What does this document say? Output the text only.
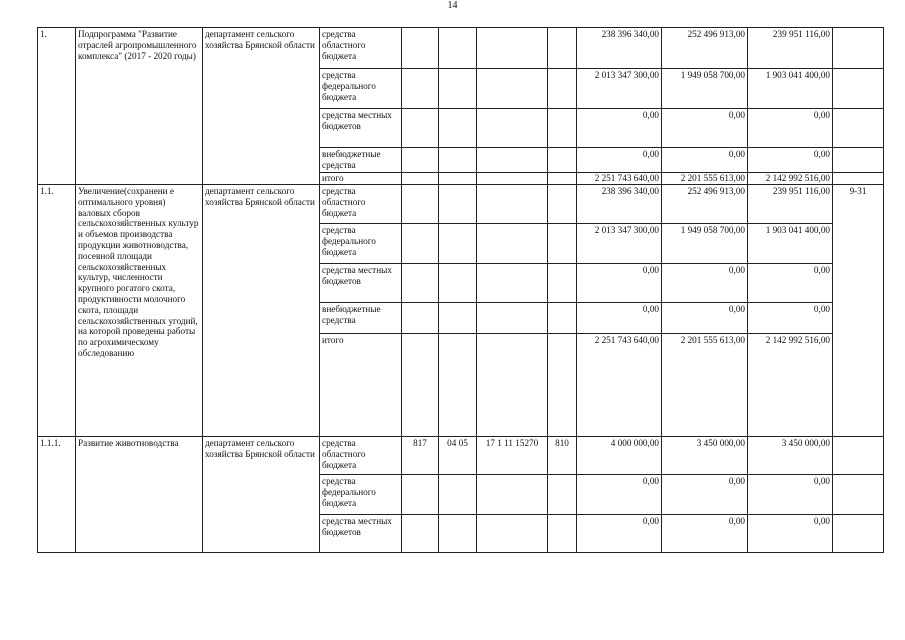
14
1.	Подпрограмма "Развитие отраслей агропромышленного комплекса" (2017 - 2020 годы)	департамент сельского хозяйства Брянской области	средства областного бюджета					238 396 340,00	252 496 913,00	239 951 116,00	
			средства федерального бюджета					2 013 347 300,00	1 949 058 700,00	1 903 041 400,00	
			средства местных бюджетов					0,00	0,00	0,00	
			внебюджетные средства					0,00	0,00	0,00	
			итого					2 251 743 640,00	2 201 555 613,00	2 142 992 516,00	
1.1.	Увеличение(сохранени е оптимального уровня) валовых сборов сельскохозяйственных культур и объемов производства продукции животноводства, посевной площади сельскохозяйственных культур, численности крупного рогатого скота, продуктивности молочного скота, площади сельскохозяйственных угодий, на которой проведены работы по агрохимическому обследованию	департамент сельского хозяйства Брянской области	средства областного бюджета					238 396 340,00	252 496 913,00	239 951 116,00	9-31
			средства федерального бюджета					2 013 347 300,00	1 949 058 700,00	1 903 041 400,00	
			средства местных бюджетов					0,00	0,00	0,00	
			внебюджетные средства					0,00	0,00	0,00	
			итого					2 251 743 640,00	2 201 555 613,00	2 142 992 516,00	
1.1.1.	Развитие животноводства	департамент сельского хозяйства Брянской области	средства областного бюджета	817	04 05	17 1 11 15270	810	4 000 000,00	3 450 000,00	3 450 000,00	
			средства федерального бюджета					0,00	0,00	0,00	
			средства местных бюджетов					0,00	0,00	0,00	
